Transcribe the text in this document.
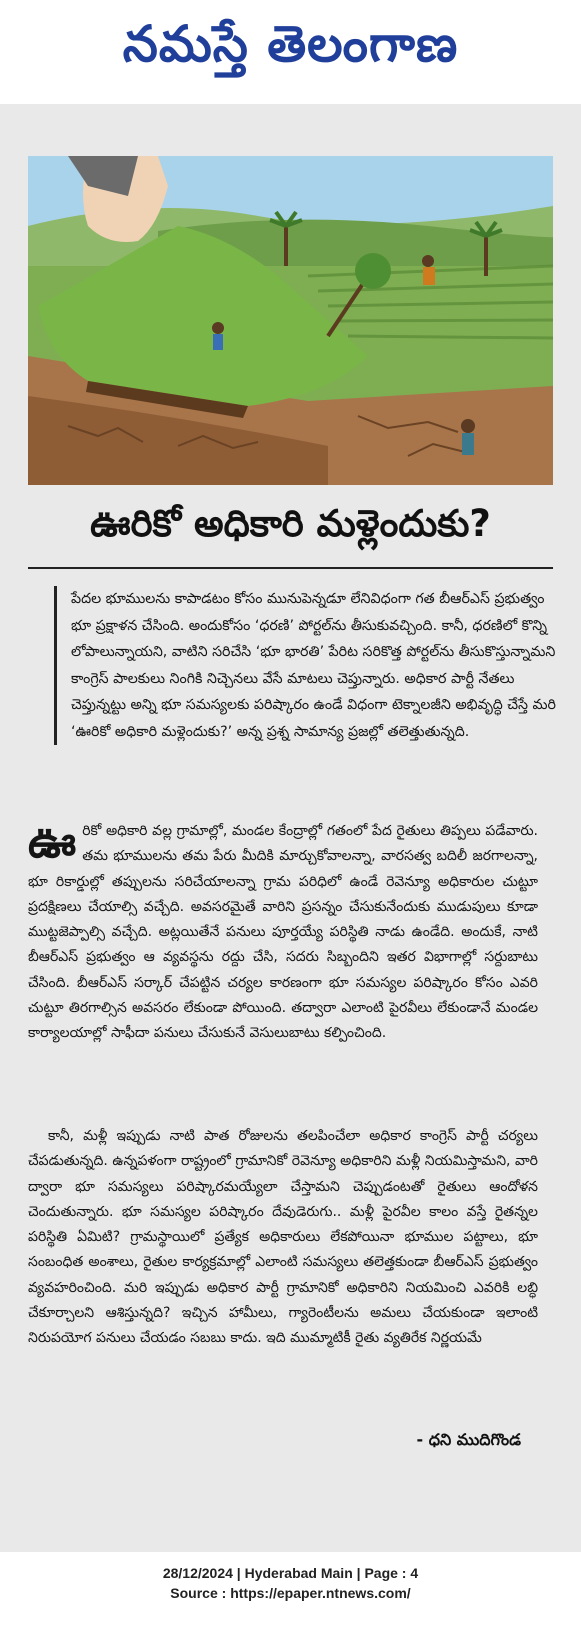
నమస్తే తెలంగాణ
ఊరికో అధికారి మళ్లెందుకు?
పేదల భూములను కాపాడటం కోసం మునుపెన్నడూ లేనివిధంగా గత బీఆర్ఎస్ ప్రభుత్వం భూ ప్రక్షాళన చేసింది. అందుకోసం ‘ధరణి’ పోర్టల్‌ను తీసుకువచ్చింది. కానీ, ధరణిలో కొన్ని లోపాలున్నాయని, వాటిని సరిచేసి ‘భూ భారతి’ పేరిట సరికొత్త పోర్టల్‌ను తీసుకొస్తున్నామని కాంగ్రెస్ పాలకులు నింగికి నిచ్చెనలు వేసే మాటలు చెప్తున్నారు. అధికార పార్టీ నేతలు చెప్తున్నట్టు అన్ని భూ సమస్యలకు పరిష్కారం ఉండే విధంగా టెక్నాలజీని అభివృద్ధి చేస్తే మరి ‘ఊరికో అధికారి మళ్లెందుకు?’ అన్న ప్రశ్న సామాన్య ప్రజల్లో తలెత్తుతున్నది.
ఊ రికో అధికారి వల్ల గ్రామాల్లో, మండల కేంద్రాల్లో గతంలో పేద రైతులు తిప్పలు పడేవారు. తమ భూములను తమ పేరు మీదికి మార్చుకోవాలన్నా, వారసత్వ బదిలీ జరగాలన్నా, భూ రికార్డుల్లో తప్పులను సరిచేయాలన్నా గ్రామ పరిధిలో ఉండే రెవెన్యూ అధికారుల చుట్టూ ప్రదక్షిణలు చేయాల్సి వచ్చేది. అవసరమైతే వారిని ప్రసన్నం చేసుకునేందుకు ముడుపులు కూడా ముట్టజెప్పాల్సి వచ్చేది. అట్లయితేనే పనులు పూర్తయ్యే పరిస్థితి నాడు ఉండేది. అందుకే, నాటి బీఆర్ఎస్ ప్రభుత్వం ఆ వ్యవస్థను రద్దు చేసి, సదరు సిబ్బందిని ఇతర విభాగాల్లో సర్దుబాటు చేసింది. బీఆర్ఎస్ సర్కార్ చేపట్టిన చర్యల కారణంగా భూ సమస్యల పరిష్కారం కోసం ఎవరి చుట్టూ తిరగాల్సిన అవసరం లేకుండా పోయింది. తద్వారా ఎలాంటి పైరవీలు లేకుండానే మండల కార్యాలయాల్లో సాఫీదా పనులు చేసుకునే వెసులుబాటు కల్పించింది.
కానీ, మళ్లీ ఇప్పుడు నాటి పాత రోజులను తలపించేలా అధికార కాంగ్రెస్ పార్టీ చర్యలు చేపడుతున్నది. ఉన్నపళంగా రాష్ట్రంలో గ్రామానికో రెవెన్యూ అధికారిని మళ్లీ నియమిస్తామని, వారి ద్వారా భూ సమస్యలు పరిష్కారమయ్యేలా చేస్తామని చెప్పుడంటతో రైతులు ఆందోళన చెందుతున్నారు. భూ సమస్యల పరిష్కారం దేవుడెరుగు.. మళ్లీ పైరవీల కాలం వస్తే రైతన్నల పరిస్థితి ఏమిటి? గ్రామస్థాయిలో ప్రత్యేక అధికారులు లేకపోయినా భూముల పట్టాలు, భూ సంబంధిత అంశాలు, రైతుల కార్యక్రమాల్లో ఎలాంటి సమస్యలు తలెత్తకుండా బీఆర్ఎస్ ప్రభుత్వం వ్యవహరించింది. మరి ఇప్పుడు అధికార పార్టీ గ్రామానికో అధికారిని నియమించి ఎవరికి లబ్ధి చేకూర్చాలని ఆశిస్తున్నది? ఇచ్చిన హామీలు, గ్యారెంటీలను అమలు చేయకుండా ఇలాంటి నిరుపయోగ పనులు చేయడం సబబు కాదు. ఇది ముమ్మాటికీ రైతు వ్యతిరేక నిర్ణయమే
- ధని ముదిగొండ
28/12/2024 | Hyderabad Main | Page : 4
Source : https://epaper.ntnews.com/
